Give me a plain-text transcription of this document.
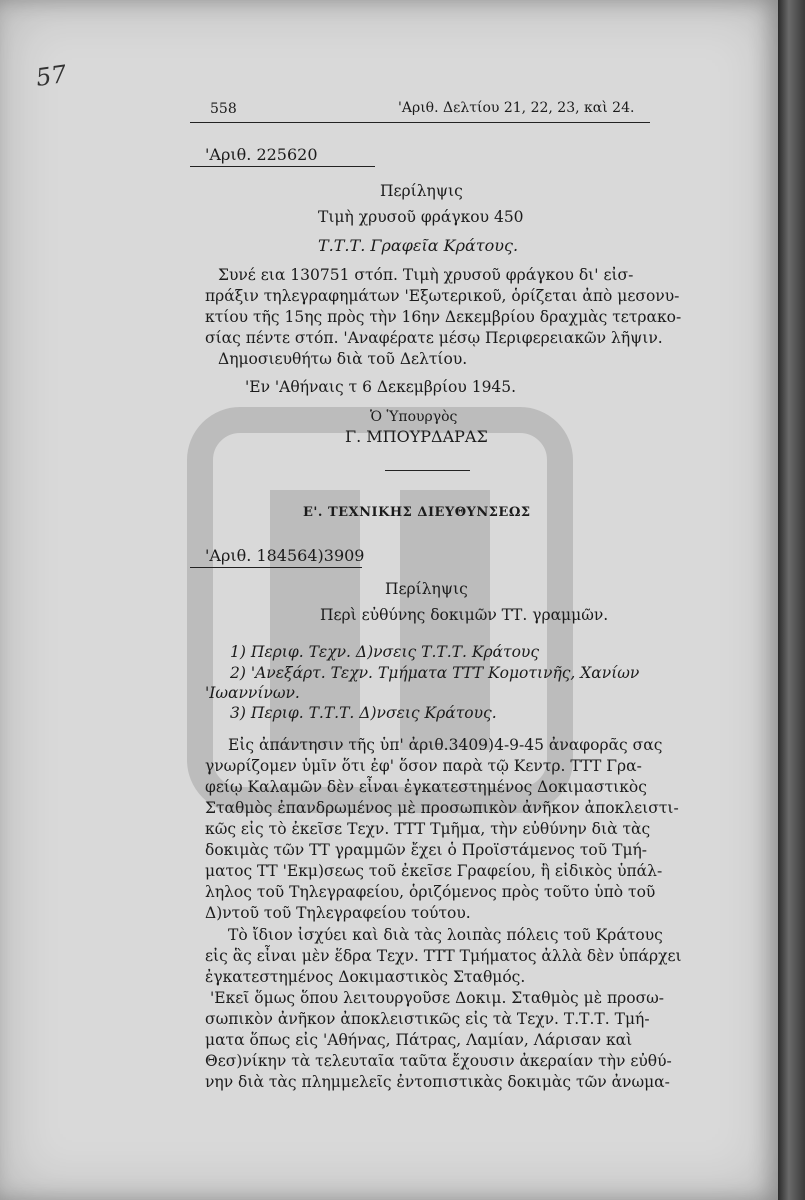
57
558	'Αριθ. Δελτίου 21, 22, 23, καὶ 24.
'Αριθ. 225620
Περίληψις
Τιμὴ χρυσοῦ φράγκου 450
Τ.Τ.Τ. Γραφεῖα Κράτους.
Συνέ εια 130751 στόπ. Τιμὴ χρυσοῦ φράγκου δι' εἰσ-
πράξιν τηλεγραφημάτων 'Εξωτερικοῦ, ὁρίζεται ἀπὸ μεσονυ-
κτίου τῆς 15ης πρὸς τὴν 16ην Δεκεμβρίου δραχμὰς τετρακο-
σίας πέντε στόπ. 'Αναφέρατε μέσῳ Περιφερειακῶν λῆψιν.
Δημοσιευθήτω διὰ τοῦ Δελτίου.
'Εν 'Αθήναις τ 6 Δεκεμβρίου 1945.
Ὁ Ὑπουργὸς
Γ. ΜΠΟΥΡΔΑΡΑΣ
Ε'. ΤΕΧΝΙΚΗΣ ΔΙΕΥΘΥΝΣΕΩΣ
'Αριθ. 184564)3909
Περίληψις
Περὶ εὐθύνης δοκιμῶν ΤΤ. γραμμῶν.
1) Περιφ. Τεχν. Δ)νσεις Τ.Τ.Τ. Κράτους
2) 'Ανεξάρτ. Τεχν. Τμήματα ΤΤΤ Κομοτινῆς, Χανίων
'Ιωαννίνων.
3) Περιφ. Τ.Τ.Τ. Δ)νσεις Κράτους.
Εἰς ἀπάντησιν τῆς ὑπ' ἀριθ.3409)4-9-45 ἀναφορᾶς σας
γνωρίζομεν ὑμῖν ὅτι ἐφ' ὅσον παρὰ τῷ Κεντρ. ΤΤΤ Γρα-
φείῳ Καλαμῶν δὲν εἶναι ἐγκατεστημένος Δοκιμαστικὸς
Σταθμὸς ἐπανδρωμένος μὲ προσωπικὸν ἀνῆκον ἀποκλειστι-
κῶς εἰς τὸ ἐκεῖσε Τεχν. ΤΤΤ Τμῆμα, τὴν εὐθύνην διὰ τὰς
δοκιμὰς τῶν ΤΤ γραμμῶν ἔχει ὁ Προϊστάμενος τοῦ Τμή-
ματος ΤΤ 'Εκμ)σεως τοῦ ἐκεῖσε Γραφείου, ἢ εἰδικὸς ὑπάλ-
ληλος τοῦ Τηλεγραφείου, ὁριζόμενος πρὸς τοῦτο ὑπὸ τοῦ
Δ)ντοῦ τοῦ Τηλεγραφείου τούτου.
Τὸ ἴδιον ἰσχύει καὶ διὰ τὰς λοιπὰς πόλεις τοῦ Κράτους
εἰς ἃς εἶναι μὲν ἕδρα Τεχν. ΤΤΤ Τμήματος ἀλλὰ δὲν ὑπάρχει
ἐγκατεστημένος Δοκιμαστικὸς Σταθμός.
'Εκεῖ ὅμως ὅπου λειτουργοῦσε Δοκιμ. Σταθμὸς μὲ προσω-
σωπικὸν ἀνῆκον ἀποκλειστικῶς εἰς τὰ Τεχν. Τ.Τ.Τ. Τμή-
ματα ὅπως εἰς 'Αθήνας, Πάτρας, Λαμίαν, Λάρισαν καὶ
Θεσ)νίκην τὰ τελευταῖα ταῦτα ἔχουσιν ἀκεραίαν τὴν εὐθύ-
νην διὰ τὰς πλημμελεῖς ἐντοπιστικὰς δοκιμὰς τῶν ἀνωμα-
